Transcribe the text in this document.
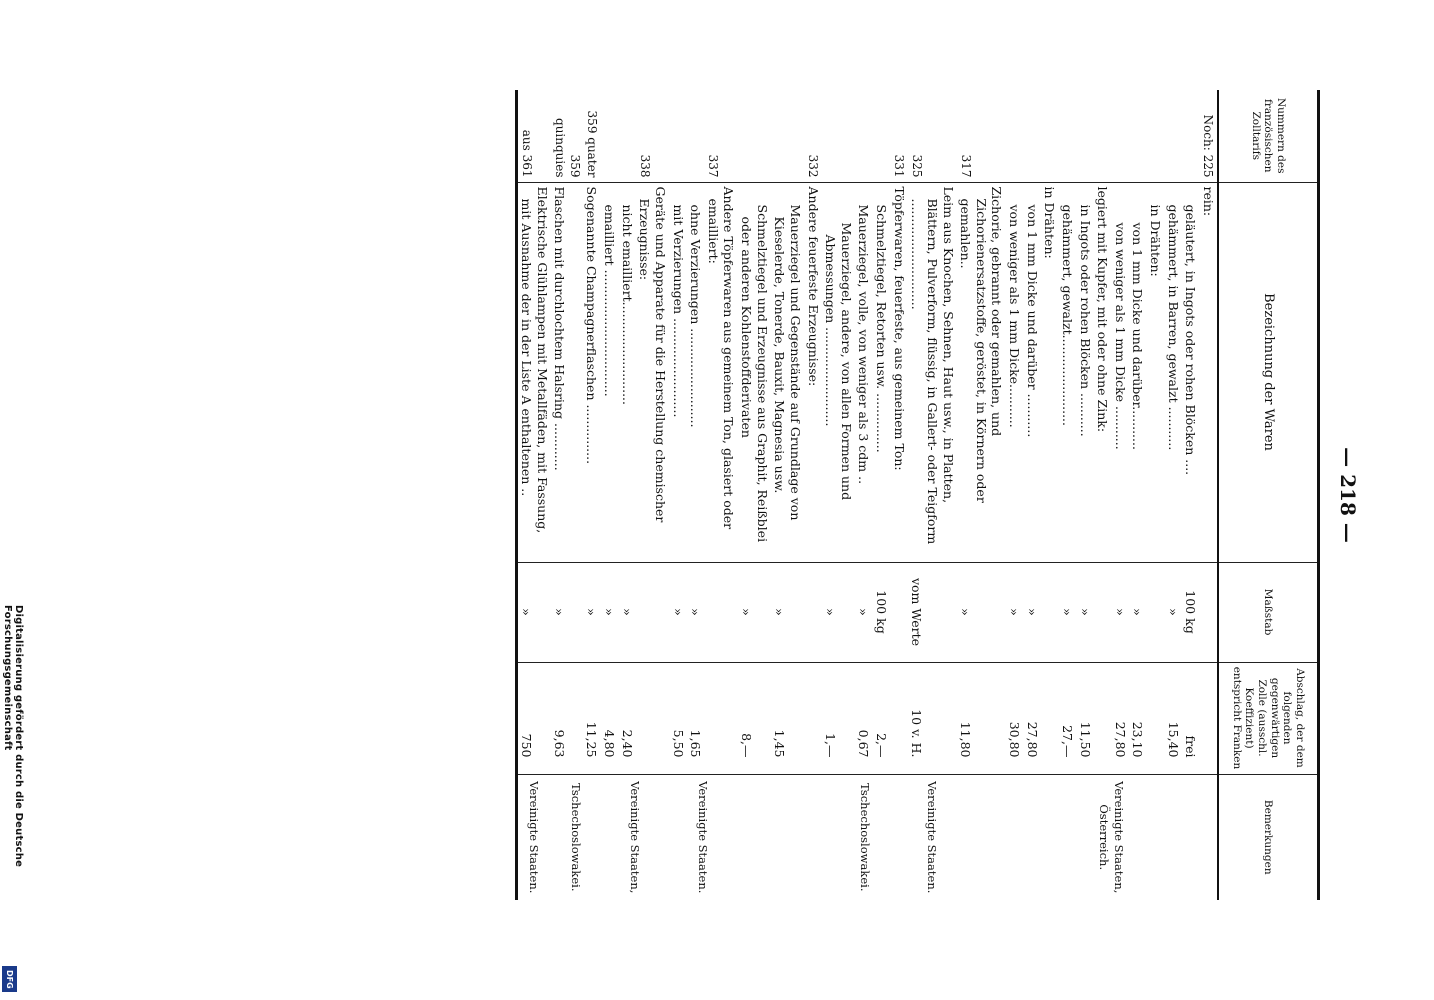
Digitalisierung gefördert durch die Deutsche Forschungsgemeinschaft
DFG
— 218 —
Nummern des französischen Zolltarifs	Bezeichnung der Waren	Maßstab	Abschlag, der dem folgenden gegenwärtigen Zolle (ausschl. Koeffizient) entspricht Franken	Bemerkungen
Noch: 225	rein:			Vereinigte Staaten, Österreich.
	geläutert, in Ingots oder rohen Blöcken ....	100 kg	frei	
	gehämmert, in Barren, gewalzt ...........	»	15,40	
	in Drähten:			
	von 1 mm Dicke und darüber...........	»	23,10	
	von weniger als 1 mm Dicke ...........	»	27,80	
	legiert mit Kupfer, mit oder ohne Zink:			
	in Ingots oder rohen Blöcken ...........	»	11,50	
	gehämmert, gewalzt.......................	»	27,—	
	in Drähten:			
	von 1 mm Dicke und darüber ...........	»	27,80	
	von weniger als 1 mm Dicke...........	»	30,80	
317	Zichorie, gebrannt oder gemahlen, und Zichorienersatzstoffe, geröstet, in Körnern oder gemahlen..	»	11,80	
325	Leim aus Knochen, Sehnen, Haut usw., in Platten, Blättern, Pulverform, flüssig, in Gallert- oder Teigform ............................	vom Werte	10 v. H.	Vereinigte Staaten.
331	Töpferwaren, feuerfeste, aus gemeinem Ton:			Tschechoslowakei.
	Schmelztiegel, Retorten usw. ...............	100 kg	2,—	
	Mauerziegel, volle, von weniger als 3 cdm ..	»	0,67	
	Mauerziegel, andere, von allen Formen und Abmessungen .........................	»	1,—	
332	Andere feuerfeste Erzeugnisse:			
	Mauerziegel und Gegenstände auf Grundlage von Kieselerde, Tonerde, Bauxit, Magnesia usw.	»	1,45	
	Schmelztiegel und Erzeugnisse aus Graphit, Reißblei oder anderen Kohlenstoffderivaten	»	8,—	
337	Andere Töpferwaren aus gemeinem Ton, glasiert oder emailliert:			Vereinigte Staaten.
	ohne Verzierungen .........................	»	1,65	
	mit Verzierungen .........................	»	5,50	
338	Geräte und Apparate für die Herstellung chemischer Erzeugnisse:			Vereinigte Staaten,
	nicht emailliert..........................	»	2,40	
	emailliert ................................	»	4,80	
359 quater	Sogenannte Champagnerflaschen ...............	»	11,25	Tschechoslowakei.
359 quinquies	Flaschen mit durchlochtem Halsring ............	»	9,63	
aus 361	Elektrische Glühlampen mit Metallfäden, mit Fassung, mit Ausnahme der in der Liste A enthaltenen ..	»	750	Vereinigte Staaten.
